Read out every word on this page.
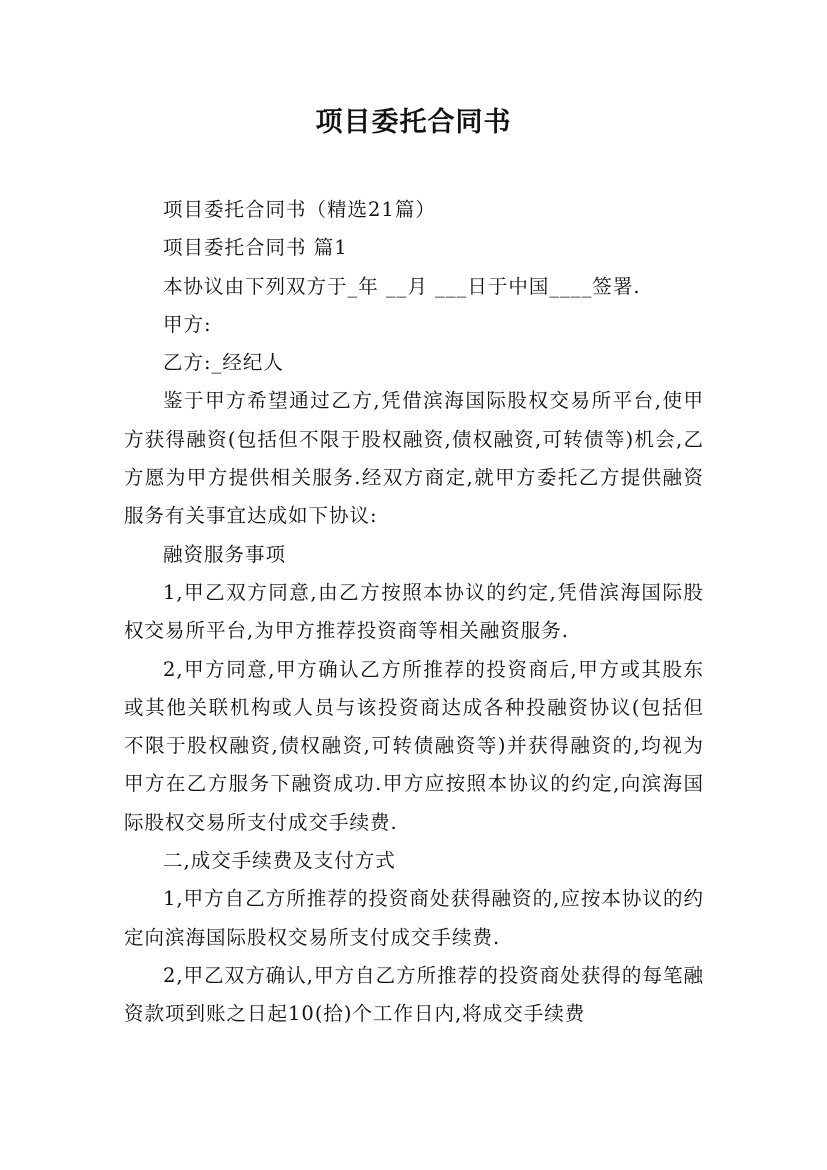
项目委托合同书

项目委托合同书（精选21篇）

项目委托合同书 篇1

本协议由下列双方于_年 __月 ___日于中国____签署.

甲方:

乙方:_经纪人

鉴于甲方希望通过乙方,凭借滨海国际股权交易所平台,使甲方获得融资(包括但不限于股权融资,债权融资,可转债等)机会,乙方愿为甲方提供相关服务.经双方商定,就甲方委托乙方提供融资服务有关事宜达成如下协议:

融资服务事项

1,甲乙双方同意,由乙方按照本协议的约定,凭借滨海国际股权交易所平台,为甲方推荐投资商等相关融资服务.

2,甲方同意,甲方确认乙方所推荐的投资商后,甲方或其股东或其他关联机构或人员与该投资商达成各种投融资协议(包括但不限于股权融资,债权融资,可转债融资等)并获得融资的,均视为甲方在乙方服务下融资成功.甲方应按照本协议的约定,向滨海国际股权交易所支付成交手续费.

二,成交手续费及支付方式

1,甲方自乙方所推荐的投资商处获得融资的,应按本协议的约定向滨海国际股权交易所支付成交手续费.

2,甲乙双方确认,甲方自乙方所推荐的投资商处获得的每笔融资款项到账之日起10(拾)个工作日内,将成交手续费
